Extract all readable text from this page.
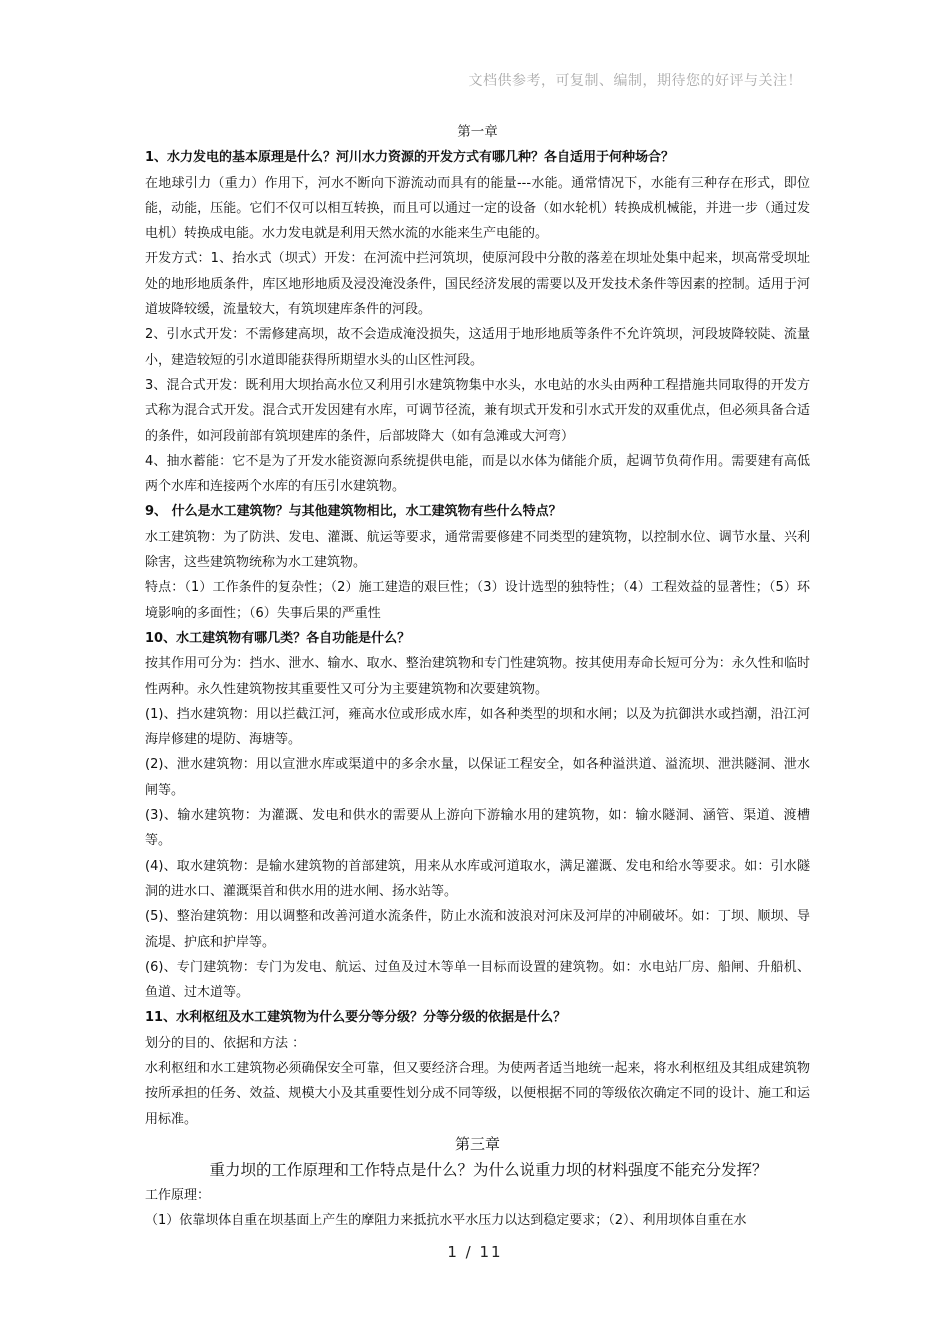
文档供参考，可复制、编制，期待您的好评与关注！

第一章

1、水力发电的基本原理是什么？河川水力资源的开发方式有哪几种？各自适用于何种场合？

在地球引力（重力）作用下，河水不断向下游流动而具有的能量---水能。通常情况下，水能有三种存在形式，即位能，动能，压能。它们不仅可以相互转换，而且可以通过一定的设备（如水轮机）转换成机械能，并进一步（通过发电机）转换成电能。水力发电就是利用天然水流的水能来生产电能的。

开发方式：1、抬水式（坝式）开发：在河流中拦河筑坝，使原河段中分散的落差在坝址处集中起来，坝高常受坝址处的地形地质条件，库区地形地质及浸没淹没条件，国民经济发展的需要以及开发技术条件等因素的控制。适用于河道坡降较缓，流量较大，有筑坝建库条件的河段。

2、引水式开发：不需修建高坝，故不会造成淹没损失，这适用于地形地质等条件不允许筑坝，河段坡降较陡、流量小，建造较短的引水道即能获得所期望水头的山区性河段。

3、混合式开发：既利用大坝抬高水位又利用引水建筑物集中水头，水电站的水头由两种工程措施共同取得的开发方式称为混合式开发。混合式开发因建有水库，可调节径流，兼有坝式开发和引水式开发的双重优点，但必须具备合适的条件，如河段前部有筑坝建库的条件，后部坡降大（如有急滩或大河弯）

4、抽水蓄能：它不是为了开发水能资源向系统提供电能，而是以水体为储能介质，起调节负荷作用。需要建有高低两个水库和连接两个水库的有压引水建筑物。

9、 什么是水工建筑物？与其他建筑物相比，水工建筑物有些什么特点？

水工建筑物：为了防洪、发电、灌溉、航运等要求，通常需要修建不同类型的建筑物，以控制水位、调节水量、兴利除害，这些建筑物统称为水工建筑物。

特点：（1）工作条件的复杂性；（2）施工建造的艰巨性；（3）设计选型的独特性；（4）工程效益的显著性；（5）环境影响的多面性；（6）失事后果的严重性

10、水工建筑物有哪几类？各自功能是什么？

按其作用可分为：挡水、泄水、输水、取水、整治建筑物和专门性建筑物。按其使用寿命长短可分为：永久性和临时性两种。永久性建筑物按其重要性又可分为主要建筑物和次要建筑物。

(1)、挡水建筑物：用以拦截江河，雍高水位或形成水库，如各种类型的坝和水闸；以及为抗御洪水或挡潮，沿江河海岸修建的堤防、海塘等。

(2)、泄水建筑物：用以宣泄水库或渠道中的多余水量，以保证工程安全，如各种溢洪道、溢流坝、泄洪隧洞、泄水闸等。

(3)、输水建筑物：为灌溉、发电和供水的需要从上游向下游输水用的建筑物，如：输水隧洞、涵管、渠道、渡槽等。

(4)、取水建筑物：是输水建筑物的首部建筑，用来从水库或河道取水，满足灌溉、发电和给水等要求。如：引水隧洞的进水口、灌溉渠首和供水用的进水闸、扬水站等。

(5)、整治建筑物：用以调整和改善河道水流条件，防止水流和波浪对河床及河岸的冲刷破坏。如：丁坝、顺坝、导流堤、护底和护岸等。

(6)、专门建筑物：专门为发电、航运、过鱼及过木等单一目标而设置的建筑物。如：水电站厂房、船闸、升船机、鱼道、过木道等。

11、水利枢纽及水工建筑物为什么要分等分级？分等分级的依据是什么？

划分的目的、依据和方法 ：

水利枢纽和水工建筑物必须确保安全可靠，但又要经济合理。为使两者适当地统一起来，将水利枢纽及其组成建筑物按所承担的任务、效益、规模大小及其重要性划分成不同等级，以便根据不同的等级依次确定不同的设计、施工和运用标准。

第三章

重力坝的工作原理和工作特点是什么？为什么说重力坝的材料强度不能充分发挥？

工作原理：

（1）依靠坝体自重在坝基面上产生的摩阻力来抵抗水平水压力以达到稳定要求；（2）、利用坝体自重在水

1 / 11
